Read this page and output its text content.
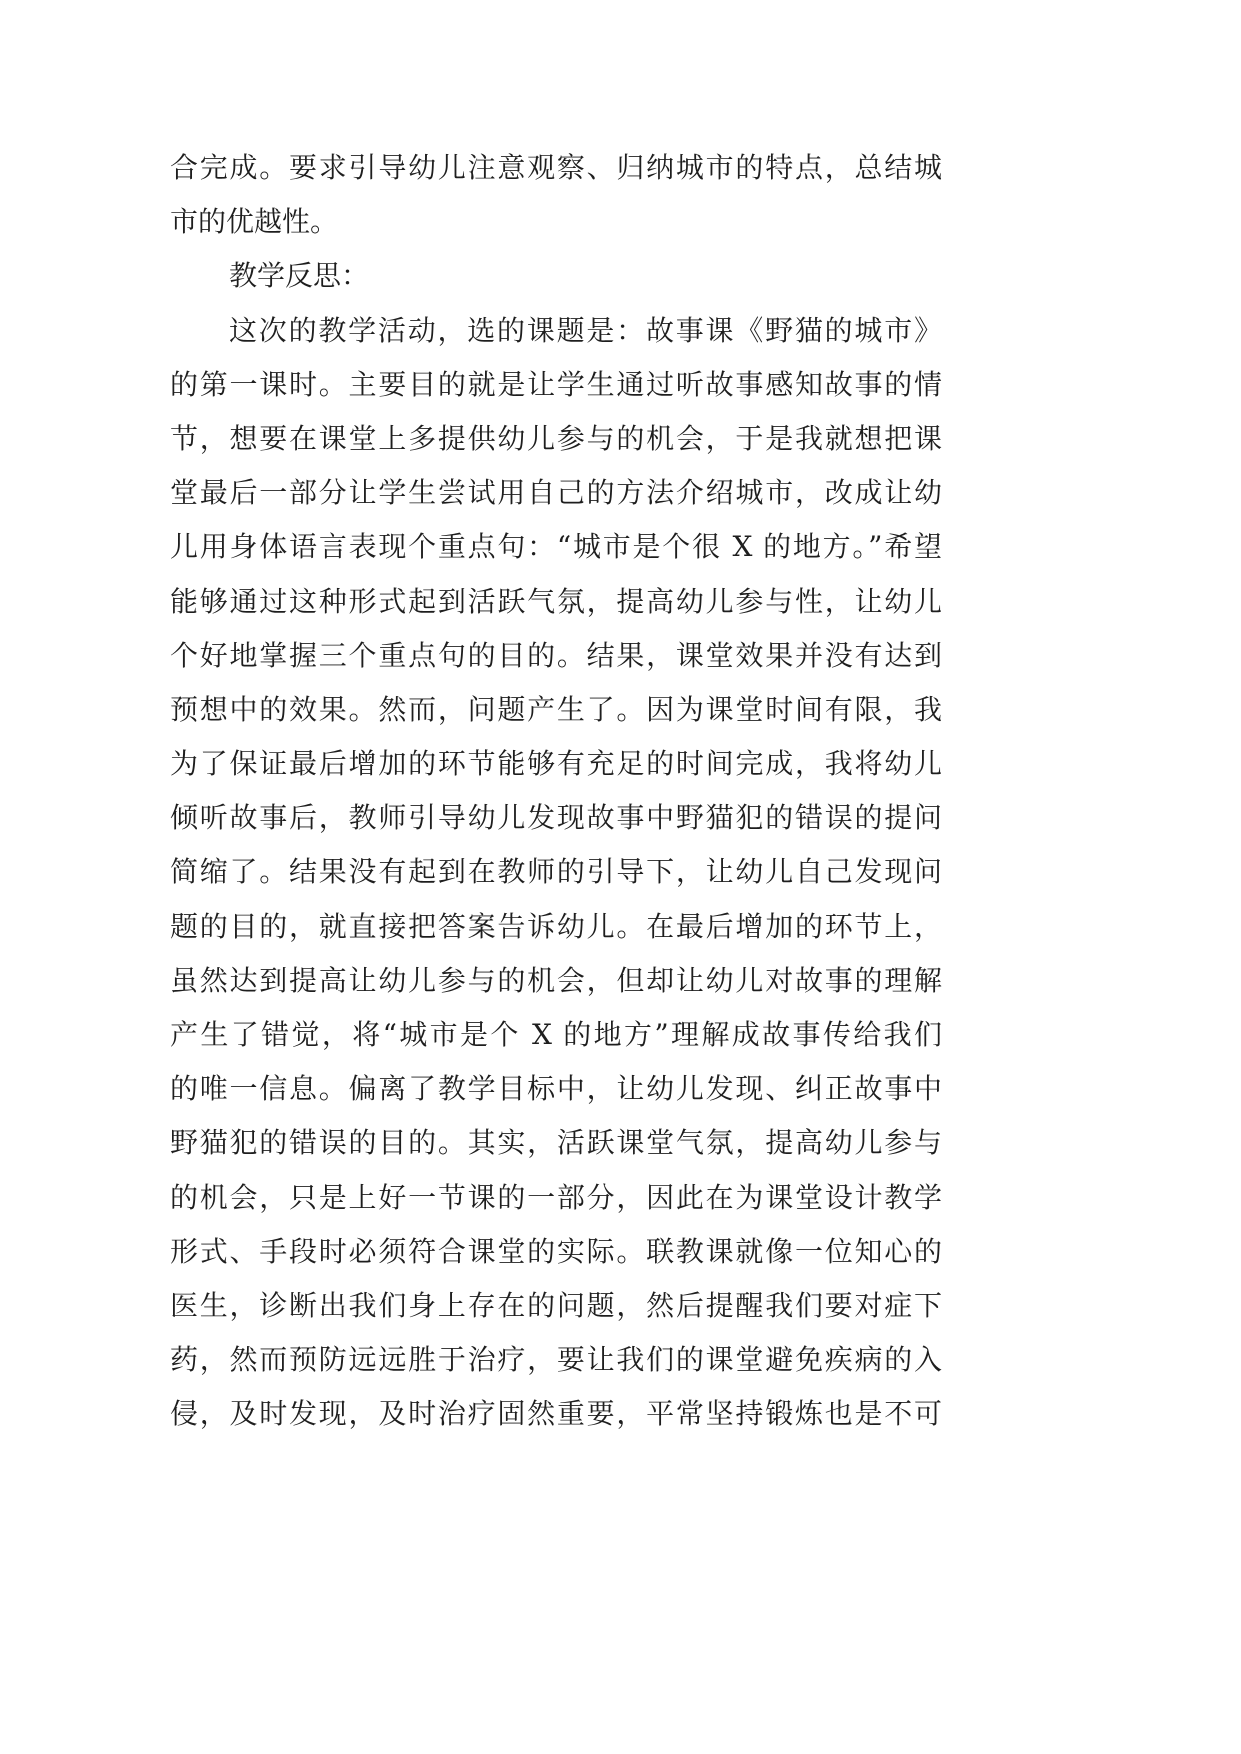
合完成。要求引导幼儿注意观察、归纳城市的特点，总结城
市的优越性。
教学反思：
这次的教学活动，选的课题是：故事课《野猫的城市》
的第一课时。主要目的就是让学生通过听故事感知故事的情
节，想要在课堂上多提供幼儿参与的机会，于是我就想把课
堂最后一部分让学生尝试用自己的方法介绍城市，改成让幼
儿用身体语言表现个重点句：“城市是个很 X 的地方。”希望
能够通过这种形式起到活跃气氛，提高幼儿参与性，让幼儿
个好地掌握三个重点句的目的。结果，课堂效果并没有达到
预想中的效果。然而，问题产生了。因为课堂时间有限，我
为了保证最后增加的环节能够有充足的时间完成，我将幼儿
倾听故事后，教师引导幼儿发现故事中野猫犯的错误的提问
简缩了。结果没有起到在教师的引导下，让幼儿自己发现问
题的目的，就直接把答案告诉幼儿。在最后增加的环节上，
虽然达到提高让幼儿参与的机会，但却让幼儿对故事的理解
产生了错觉，将“城市是个 X 的地方”理解成故事传给我们
的唯一信息。偏离了教学目标中，让幼儿发现、纠正故事中
野猫犯的错误的目的。其实，活跃课堂气氛，提高幼儿参与
的机会，只是上好一节课的一部分，因此在为课堂设计教学
形式、手段时必须符合课堂的实际。联教课就像一位知心的
医生，诊断出我们身上存在的问题，然后提醒我们要对症下
药，然而预防远远胜于治疗，要让我们的课堂避免疾病的入
侵，及时发现，及时治疗固然重要，平常坚持锻炼也是不可
